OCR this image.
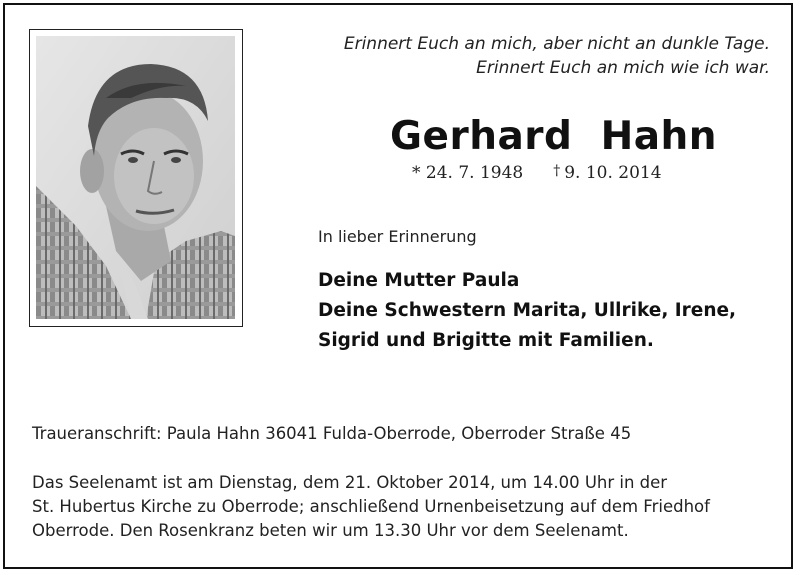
Erinnert Euch an mich, aber nicht an dunkle Tage.
Erinnert Euch an mich wie ich war.
Gerhard  Hahn
* 24. 7. 1948 † 9. 10. 2014
In lieber Erinnerung
Deine Mutter Paula
Deine Schwestern Marita, Ullrike, Irene,
Sigrid und Brigitte mit Familien.
Traueranschrift: Paula Hahn 36041 Fulda-Oberrode, Oberroder Straße 45
Das Seelenamt ist am Dienstag, dem 21. Oktober 2014, um 14.00 Uhr in der
St. Hubertus Kirche zu Oberrode; anschließend Urnenbeisetzung auf dem Friedhof
Oberrode. Den Rosenkranz beten wir um 13.30 Uhr vor dem Seelenamt.
